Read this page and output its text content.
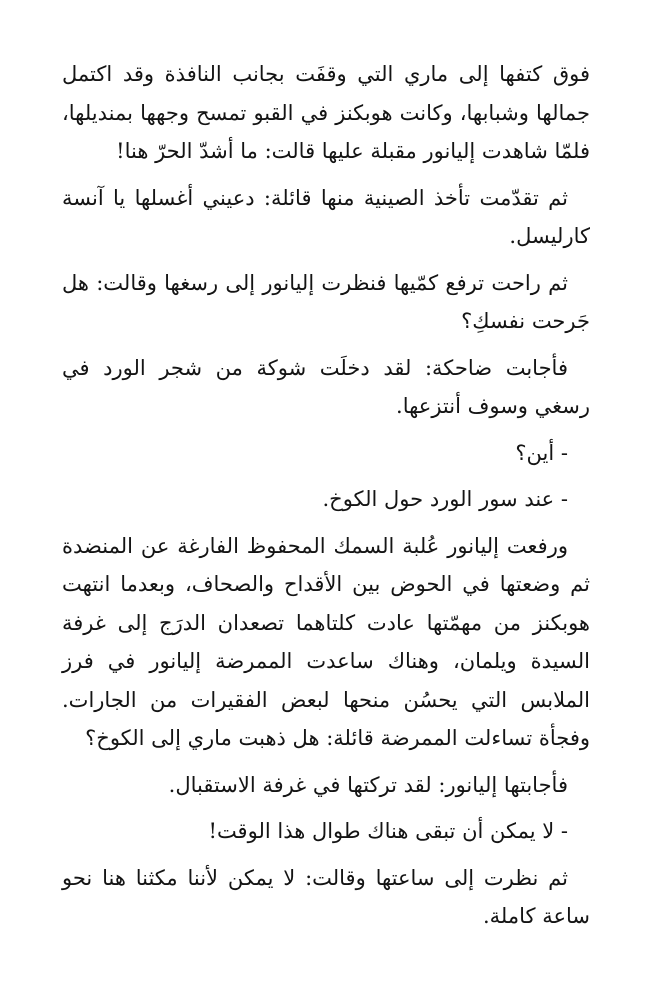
فوق كتفها إلى ماري التي وقفَت بجانب النافذة وقد اكتمل جمالها وشبابها، وكانت هوبكنز في القبو تمسح وجهها بمنديلها، فلمّا شاهدت إليانور مقبلة عليها قالت: ما أشدّ الحرّ هنا!

ثم تقدّمت تأخذ الصينية منها قائلة: دعيني أغسلها يا آنسة كارليسل.

ثم راحت ترفع كمّيها فنظرت إليانور إلى رسغها وقالت: هل جَرحت نفسكِ؟

فأجابت ضاحكة: لقد دخلَت شوكة من شجر الورد في رسغي وسوف أنتزعها.

- أين؟

- عند سور الورد حول الكوخ.

ورفعت إليانور عُلبة السمك المحفوظ الفارغة عن المنضدة ثم وضعتها في الحوض بين الأقداح والصحاف، وبعدما انتهت هوبكنز من مهمّتها عادت كلتاهما تصعدان الدرَج إلى غرفة السيدة ويلمان، وهناك ساعدت الممرضة إليانور في فرز الملابس التي يحسُن منحها لبعض الفقيرات من الجارات. وفجأة تساءلت الممرضة قائلة: هل ذهبت ماري إلى الكوخ؟

فأجابتها إليانور: لقد تركتها في غرفة الاستقبال.

- لا يمكن أن تبقى هناك طوال هذا الوقت!

ثم نظرت إلى ساعتها وقالت: لا يمكن لأننا مكثنا هنا نحو ساعة كاملة.
